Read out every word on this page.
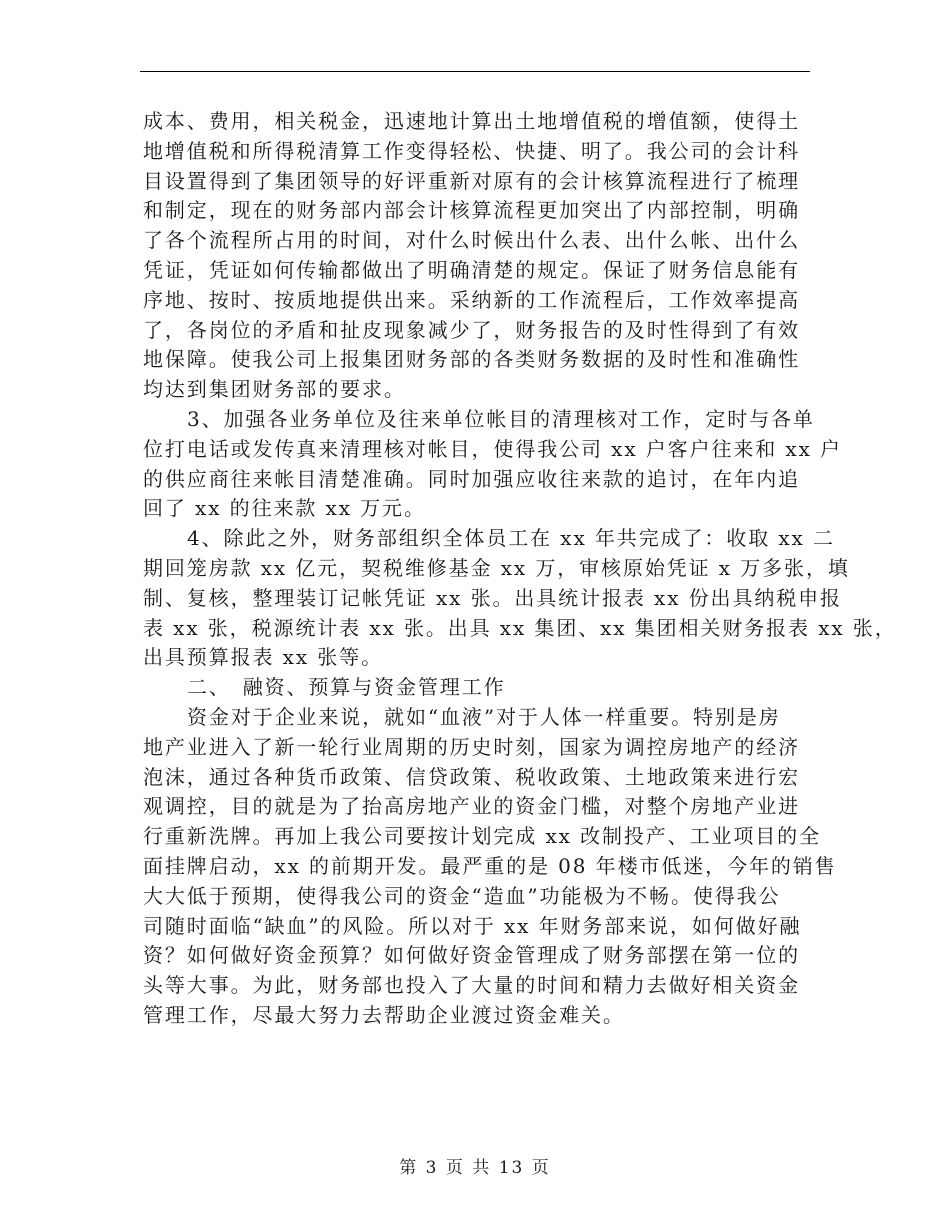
成本、费用，相关税金，迅速地计算出土地增值税的增值额，使得土
地增值税和所得税清算工作变得轻松、快捷、明了。我公司的会计科
目设置得到了集团领导的好评重新对原有的会计核算流程进行了梳理
和制定，现在的财务部内部会计核算流程更加突出了内部控制，明确
了各个流程所占用的时间，对什么时候出什么表、出什么帐、出什么
凭证，凭证如何传输都做出了明确清楚的规定。保证了财务信息能有
序地、按时、按质地提供出来。采纳新的工作流程后，工作效率提高
了，各岗位的矛盾和扯皮现象减少了，财务报告的及时性得到了有效
地保障。使我公司上报集团财务部的各类财务数据的及时性和准确性
均达到集团财务部的要求。
3、加强各业务单位及往来单位帐目的清理核对工作，定时与各单
位打电话或发传真来清理核对帐目，使得我公司 xx 户客户往来和 xx 户
的供应商往来帐目清楚准确。同时加强应收往来款的追讨，在年内追
回了 xx 的往来款 xx 万元。
4、除此之外，财务部组织全体员工在 xx 年共完成了：收取 xx 二
期回笼房款 xx 亿元，契税维修基金 xx 万，审核原始凭证 x 万多张，填
制、复核，整理装订记帐凭证 xx 张。出具统计报表 xx 份出具纳税申报
表 xx 张，税源统计表 xx 张。出具 xx 集团、xx 集团相关财务报表 xx 张，
出具预算报表 xx 张等。
二、　融资、预算与资金管理工作
资金对于企业来说，就如“血液”对于人体一样重要。特别是房
地产业进入了新一轮行业周期的历史时刻，国家为调控房地产的经济
泡沫，通过各种货币政策、信贷政策、税收政策、土地政策来进行宏
观调控，目的就是为了抬高房地产业的资金门槛，对整个房地产业进
行重新洗牌。再加上我公司要按计划完成 xx 改制投产、工业项目的全
面挂牌启动，xx 的前期开发。最严重的是 08 年楼市低迷，今年的销售
大大低于预期，使得我公司的资金“造血”功能极为不畅。使得我公
司随时面临“缺血”的风险。所以对于 xx 年财务部来说，如何做好融
资？如何做好资金预算？如何做好资金管理成了财务部摆在第一位的
头等大事。为此，财务部也投入了大量的时间和精力去做好相关资金
管理工作，尽最大努力去帮助企业渡过资金难关。
第 3 页 共 13 页
